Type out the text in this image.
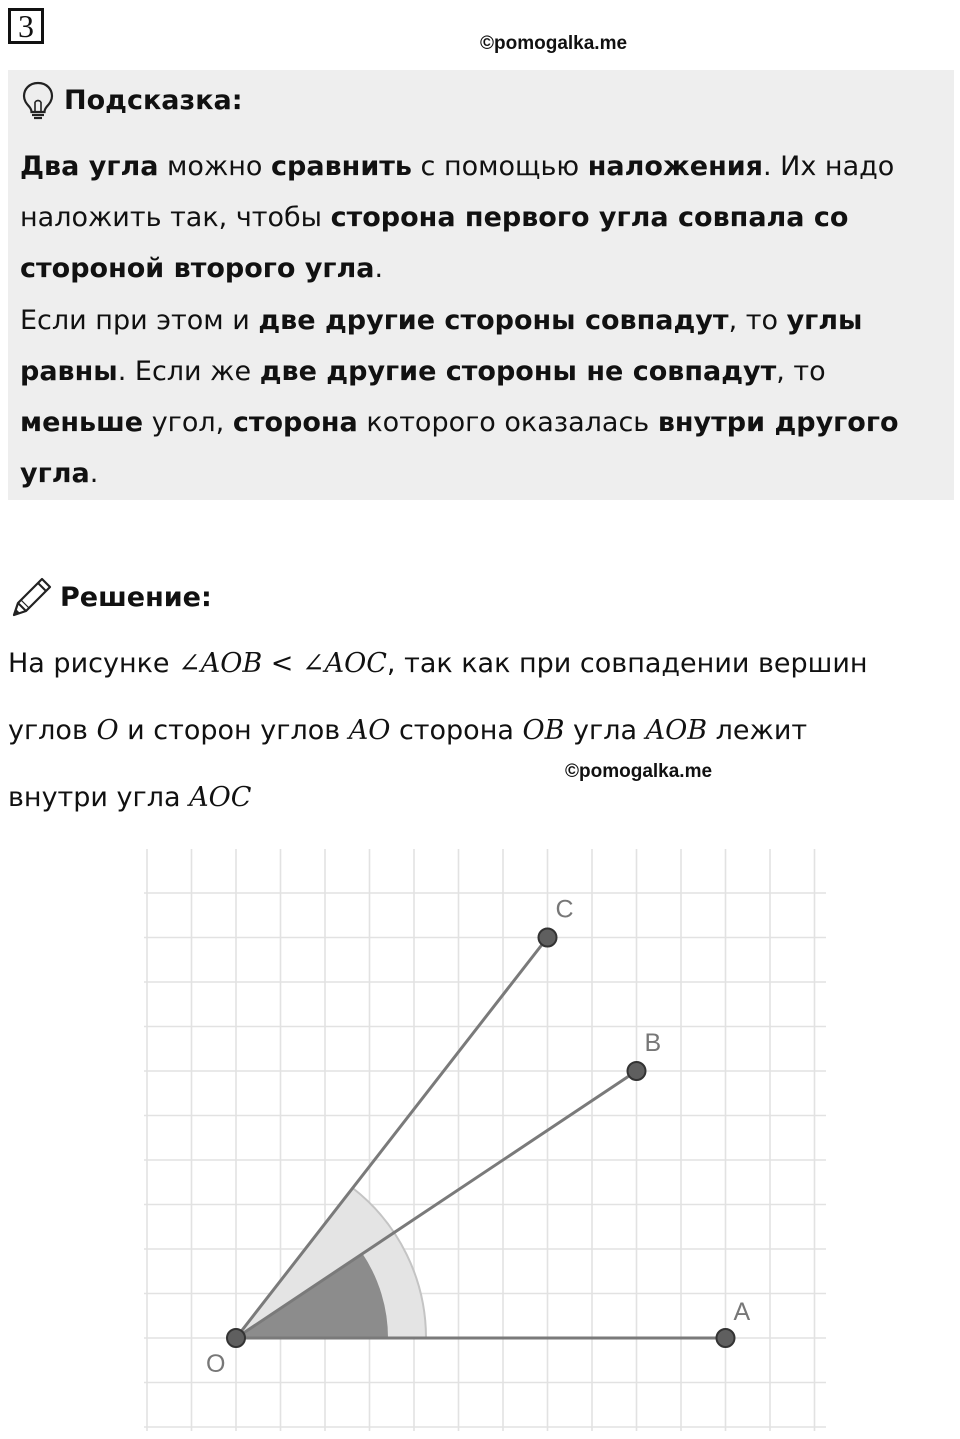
3	©pomogalka.me
Подсказка:

Два угла можно сравнить с помощью наложения. Их надо
наложить так, чтобы сторона первого угла совпала со
стороной второго угла.
Если при этом и две другие стороны совпадут, то углы
равны. Если же две другие стороны не совпадут, то
меньше угол, сторона которого оказалась внутри другого
угла.

Решение:

На рисунке ∠AOB < ∠AOC, так как при совпадении вершин
углов O и сторон углов AO сторона OB угла AOB лежит
внутри угла AOC

©pomogalka.me
O
A
B
C
